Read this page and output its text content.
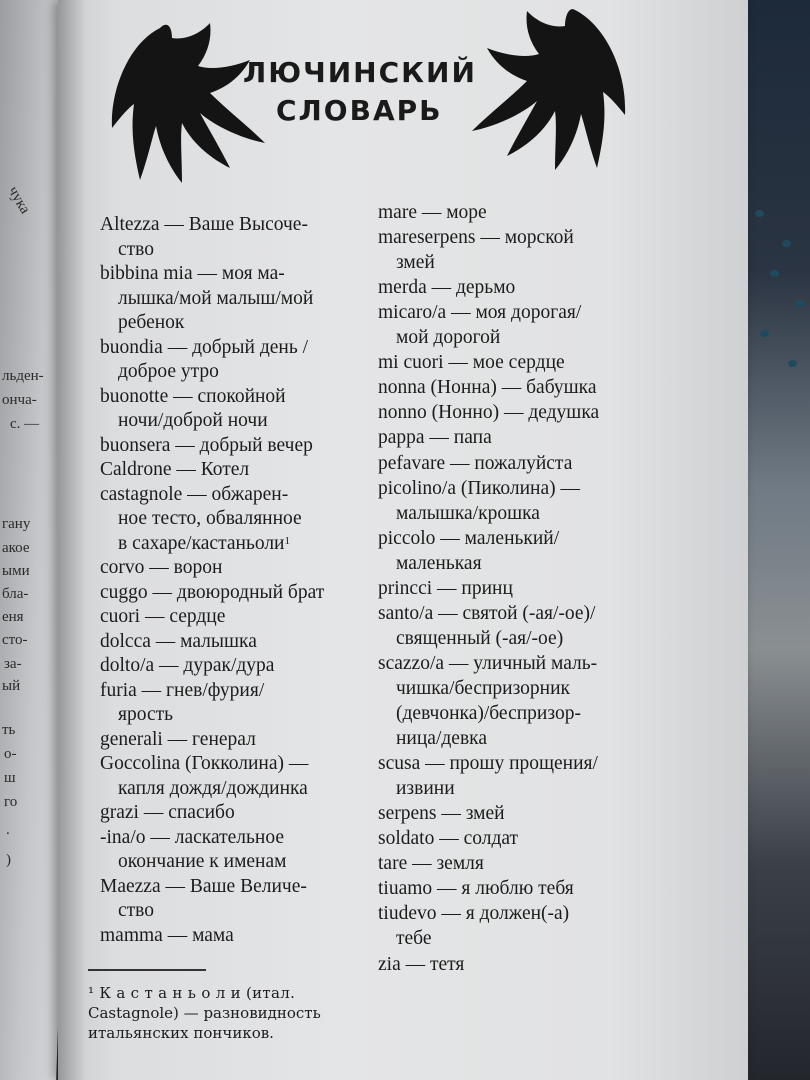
чука
льден-
онча-
с. —
гану
акое
ыми
бла-
еня
сто-
за-
ый
ть
о-
ш
го
.
)
ЛЮЧИНСКИЙ
СЛОВАРЬ
Altezza — Ваше Высоче-
ство
bibbina mia — моя ма-
лышка/мой малыш/мой
ребенок
buondia — добрый день /
доброе утро
buonotte — спокойной
ночи/доброй ночи
buonsera — добрый вечер
Caldrone — Котел
castagnole — обжарен-
ное тесто, обвалянное
в сахаре/кастаньоли$^1$
corvo — ворон
cuggo — двоюродный брат
cuori — сердце
dolcca — малышка
dolto/a — дурак/дура
furia — гнев/фурия/
ярость
generali — генерал
Goccolina (Гокколина) —
капля дождя/дождинка
grazi — спасибо
-ina/o — ласкательное
окончание к именам
Maezza — Ваше Величе-
ство
mamma — мама
mare — море
mareserpens — морской
змей
merda — дерьмо
micaro/a — моя дорогая/
мой дорогой
mi cuori — мое сердце
nonna (Нонна) — бабушка
nonno (Нонно) — дедушка
pappa — папа
pefavare — пожалуйста
picolino/a (Пиколина) —
малышка/крошка
piccolo — маленький/
маленькая
princci — принц
santo/a — святой (-ая/-ое)/
священный (-ая/-ое)
scazzo/a — уличный маль-
чишка/беспризорник
(девчонка)/беспризор-
ница/девка
scusa — прошу прощения/
извини
serpens — змей
soldato — солдат
tare — земля
tiuamo — я люблю тебя
tiudevo — я должен(-а)
тебе
zia — тетя
¹ К а с т а н ь о л и (итал.
Castagnole) — разновидность
итальянских пончиков.
